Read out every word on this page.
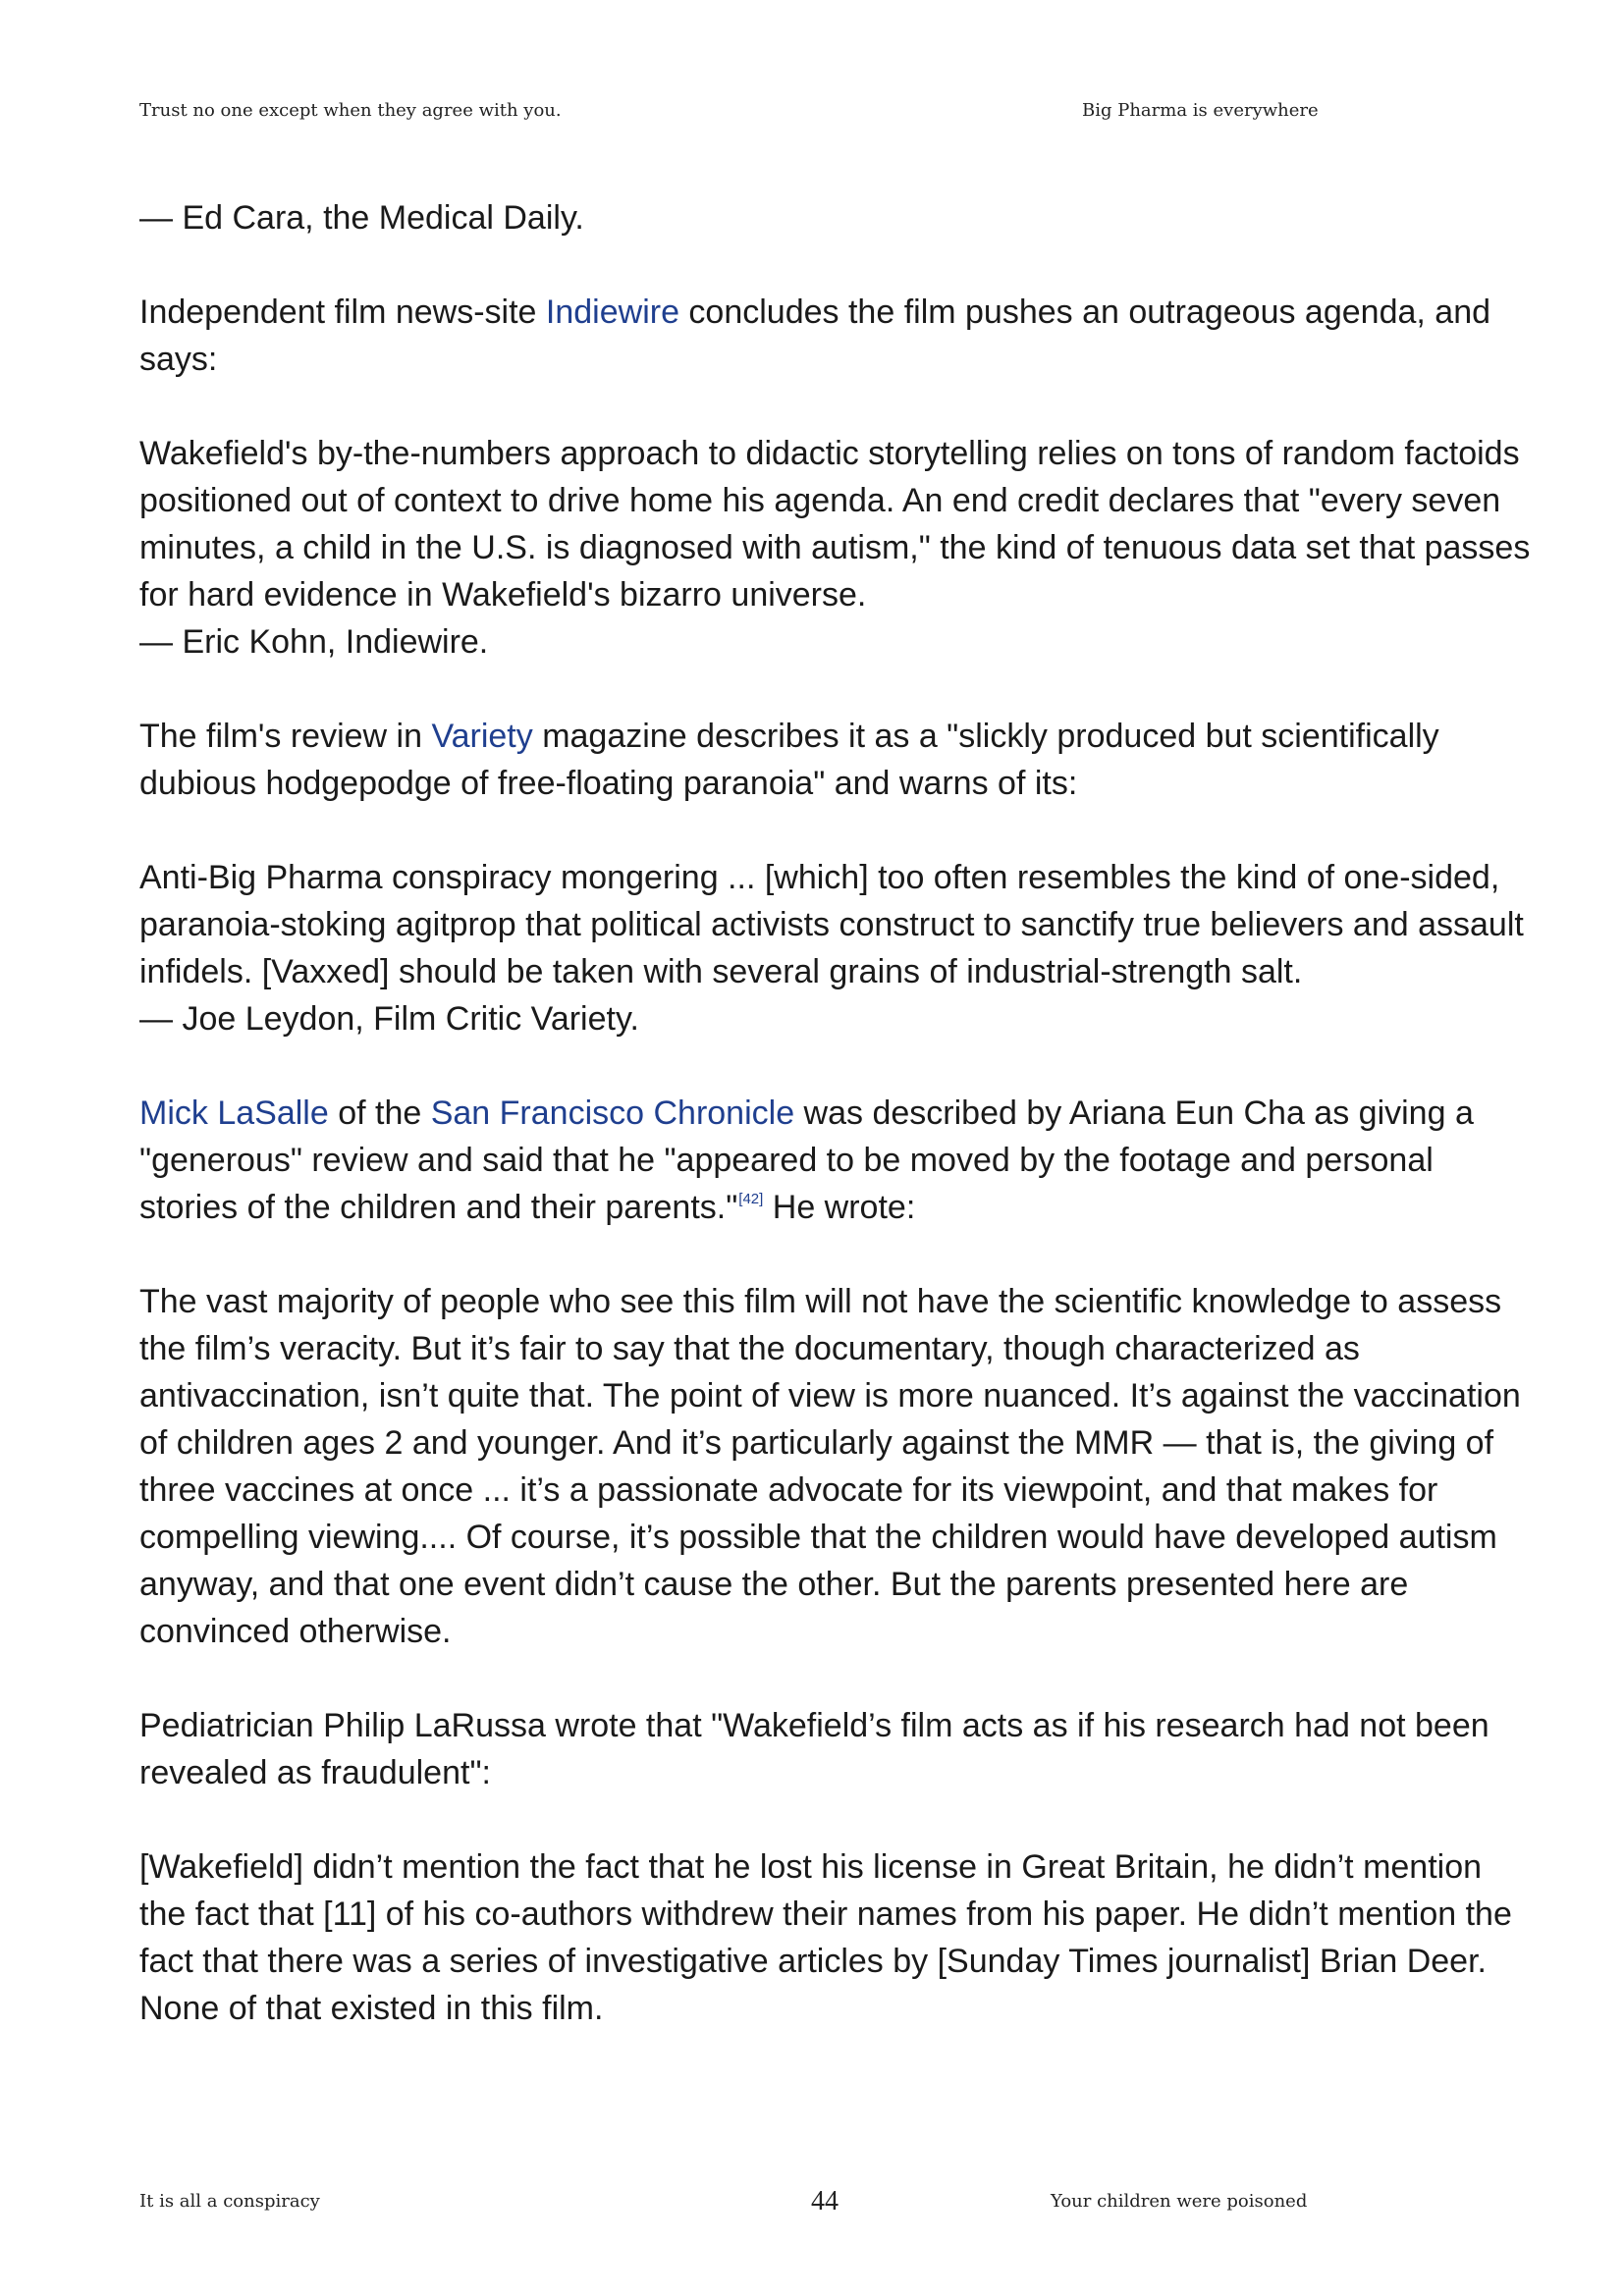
Trust no one except when they agree with you.	Big Pharma is everywhere

— Ed Cara, the Medical Daily.

Independent film news-site Indiewire concludes the film pushes an outrageous agenda, and says:

Wakefield's by-the-numbers approach to didactic storytelling relies on tons of random factoids positioned out of context to drive home his agenda. An end credit declares that "every seven minutes, a child in the U.S. is diagnosed with autism," the kind of tenuous data set that passes for hard evidence in Wakefield's bizarro universe.
— Eric Kohn, Indiewire.

The film's review in Variety magazine describes it as a "slickly produced but scientifically dubious hodgepodge of free-floating paranoia" and warns of its:

Anti-Big Pharma conspiracy mongering ... [which] too often resembles the kind of one-sided, paranoia-stoking agitprop that political activists construct to sanctify true believers and assault infidels. [Vaxxed] should be taken with several grains of industrial-strength salt.
— Joe Leydon, Film Critic Variety.

Mick LaSalle of the San Francisco Chronicle was described by Ariana Eun Cha as giving a "generous" review and said that he "appeared to be moved by the footage and personal stories of the children and their parents."[42] He wrote:

The vast majority of people who see this film will not have the scientific knowledge to assess the film’s veracity. But it’s fair to say that the documentary, though characterized as antivaccination, isn’t quite that. The point of view is more nuanced. It’s against the vaccination of children ages 2 and younger. And it’s particularly against the MMR — that is, the giving of three vaccines at once ... it’s a passionate advocate for its viewpoint, and that makes for compelling viewing.... Of course, it’s possible that the children would have developed autism anyway, and that one event didn’t cause the other. But the parents presented here are convinced otherwise.

Pediatrician Philip LaRussa wrote that "Wakefield’s film acts as if his research had not been revealed as fraudulent":

[Wakefield] didn’t mention the fact that he lost his license in Great Britain, he didn’t mention the fact that [11] of his co-authors withdrew their names from his paper. He didn’t mention the fact that there was a series of investigative articles by [Sunday Times journalist] Brian Deer. None of that existed in this film.

It is all a conspiracy	44	Your children were poisoned
